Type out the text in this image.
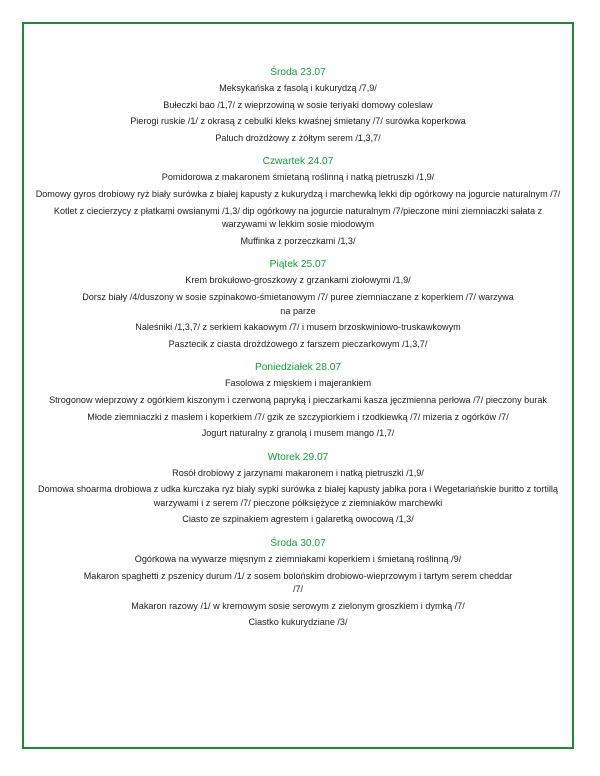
Środa 23.07
Meksykańska z fasolą i kukurydzą /7,9/
Bułeczki bao /1,7/ z wieprzowiną w sosie teriyaki domowy coleslaw
Pierogi ruskie /1/ z okrasą z cebulki kleks kwaśnej śmietany /7/ surówka koperkowa
Paluch drożdżowy z żółtym serem /1,3,7/
Czwartek 24.07
Pomidorowa z makaronem śmietaną roślinną i natką pietruszki /1,9/
Domowy gyros drobiowy ryż biały surówka z białej kapusty z kukurydzą i marchewką lekki dip ogórkowy na jogurcie naturalnym /7/
Kotlet z ciecierzycy z płatkami owsianymi /1,3/ dip ogórkowy na jogurcie naturalnym /7/pieczone mini ziemniaczki sałata z warzywami w lekkim sosie miodowym
Muffinka z porzeczkami /1,3/
Piątek 25.07
Krem brokułowo-groszkowy z grzankami ziołowymi /1,9/
Dorsz biały /4/duszony w sosie szpinakowo-śmietanowym /7/ puree ziemniaczane z koperkiem /7/ warzywa na parze
Naleśniki /1,3,7/ z serkiem kakaowym /7/ i musem brzoskwiniowo-truskawkowym
Pasztecik z ciasta drożdżowego z farszem pieczarkowym /1,3,7/
Poniedziałek 28.07
Fasolowa z mięskiem i majerankiem
Strogonow wieprzowy z ogórkiem kiszonym i czerwoną papryką i pieczarkami kasza jęczmienna perłowa /7/ pieczony burak
Młode ziemniaczki z masłem i koperkiem /7/ gzik ze szczypiorkiem i rzodkiewką /7/ mizeria z ogórków /7/
Jogurt naturalny z granolą i musem mango /1,7/
Wtorek 29.07
Rosół drobiowy z jarzynami makaronem i natką pietruszki /1,9/
Domowa shoarma drobiowa z udka kurczaka ryż biały sypki surówka z białej kapusty jabłka pora i Wegetariańskie buritto z tortillą warzywami i z serem /7/ pieczone półksiężyce z ziemniaków marchewki
Ciasto ze szpinakiem agrestem i galaretką owocową /1,3/
Środa 30.07
Ogórkowa na wywarze mięsnym z ziemniakami koperkiem i śmietaną roślinną /9/
Makaron spaghetti z pszenicy durum /1/ z sosem bolońskim drobiowo-wieprzowym i tartym serem cheddar /7/
Makaron razowy /1/ w kremowym sosie serowym z zielonym groszkiem i dymką /7/
Ciastko kukurydziane /3/
